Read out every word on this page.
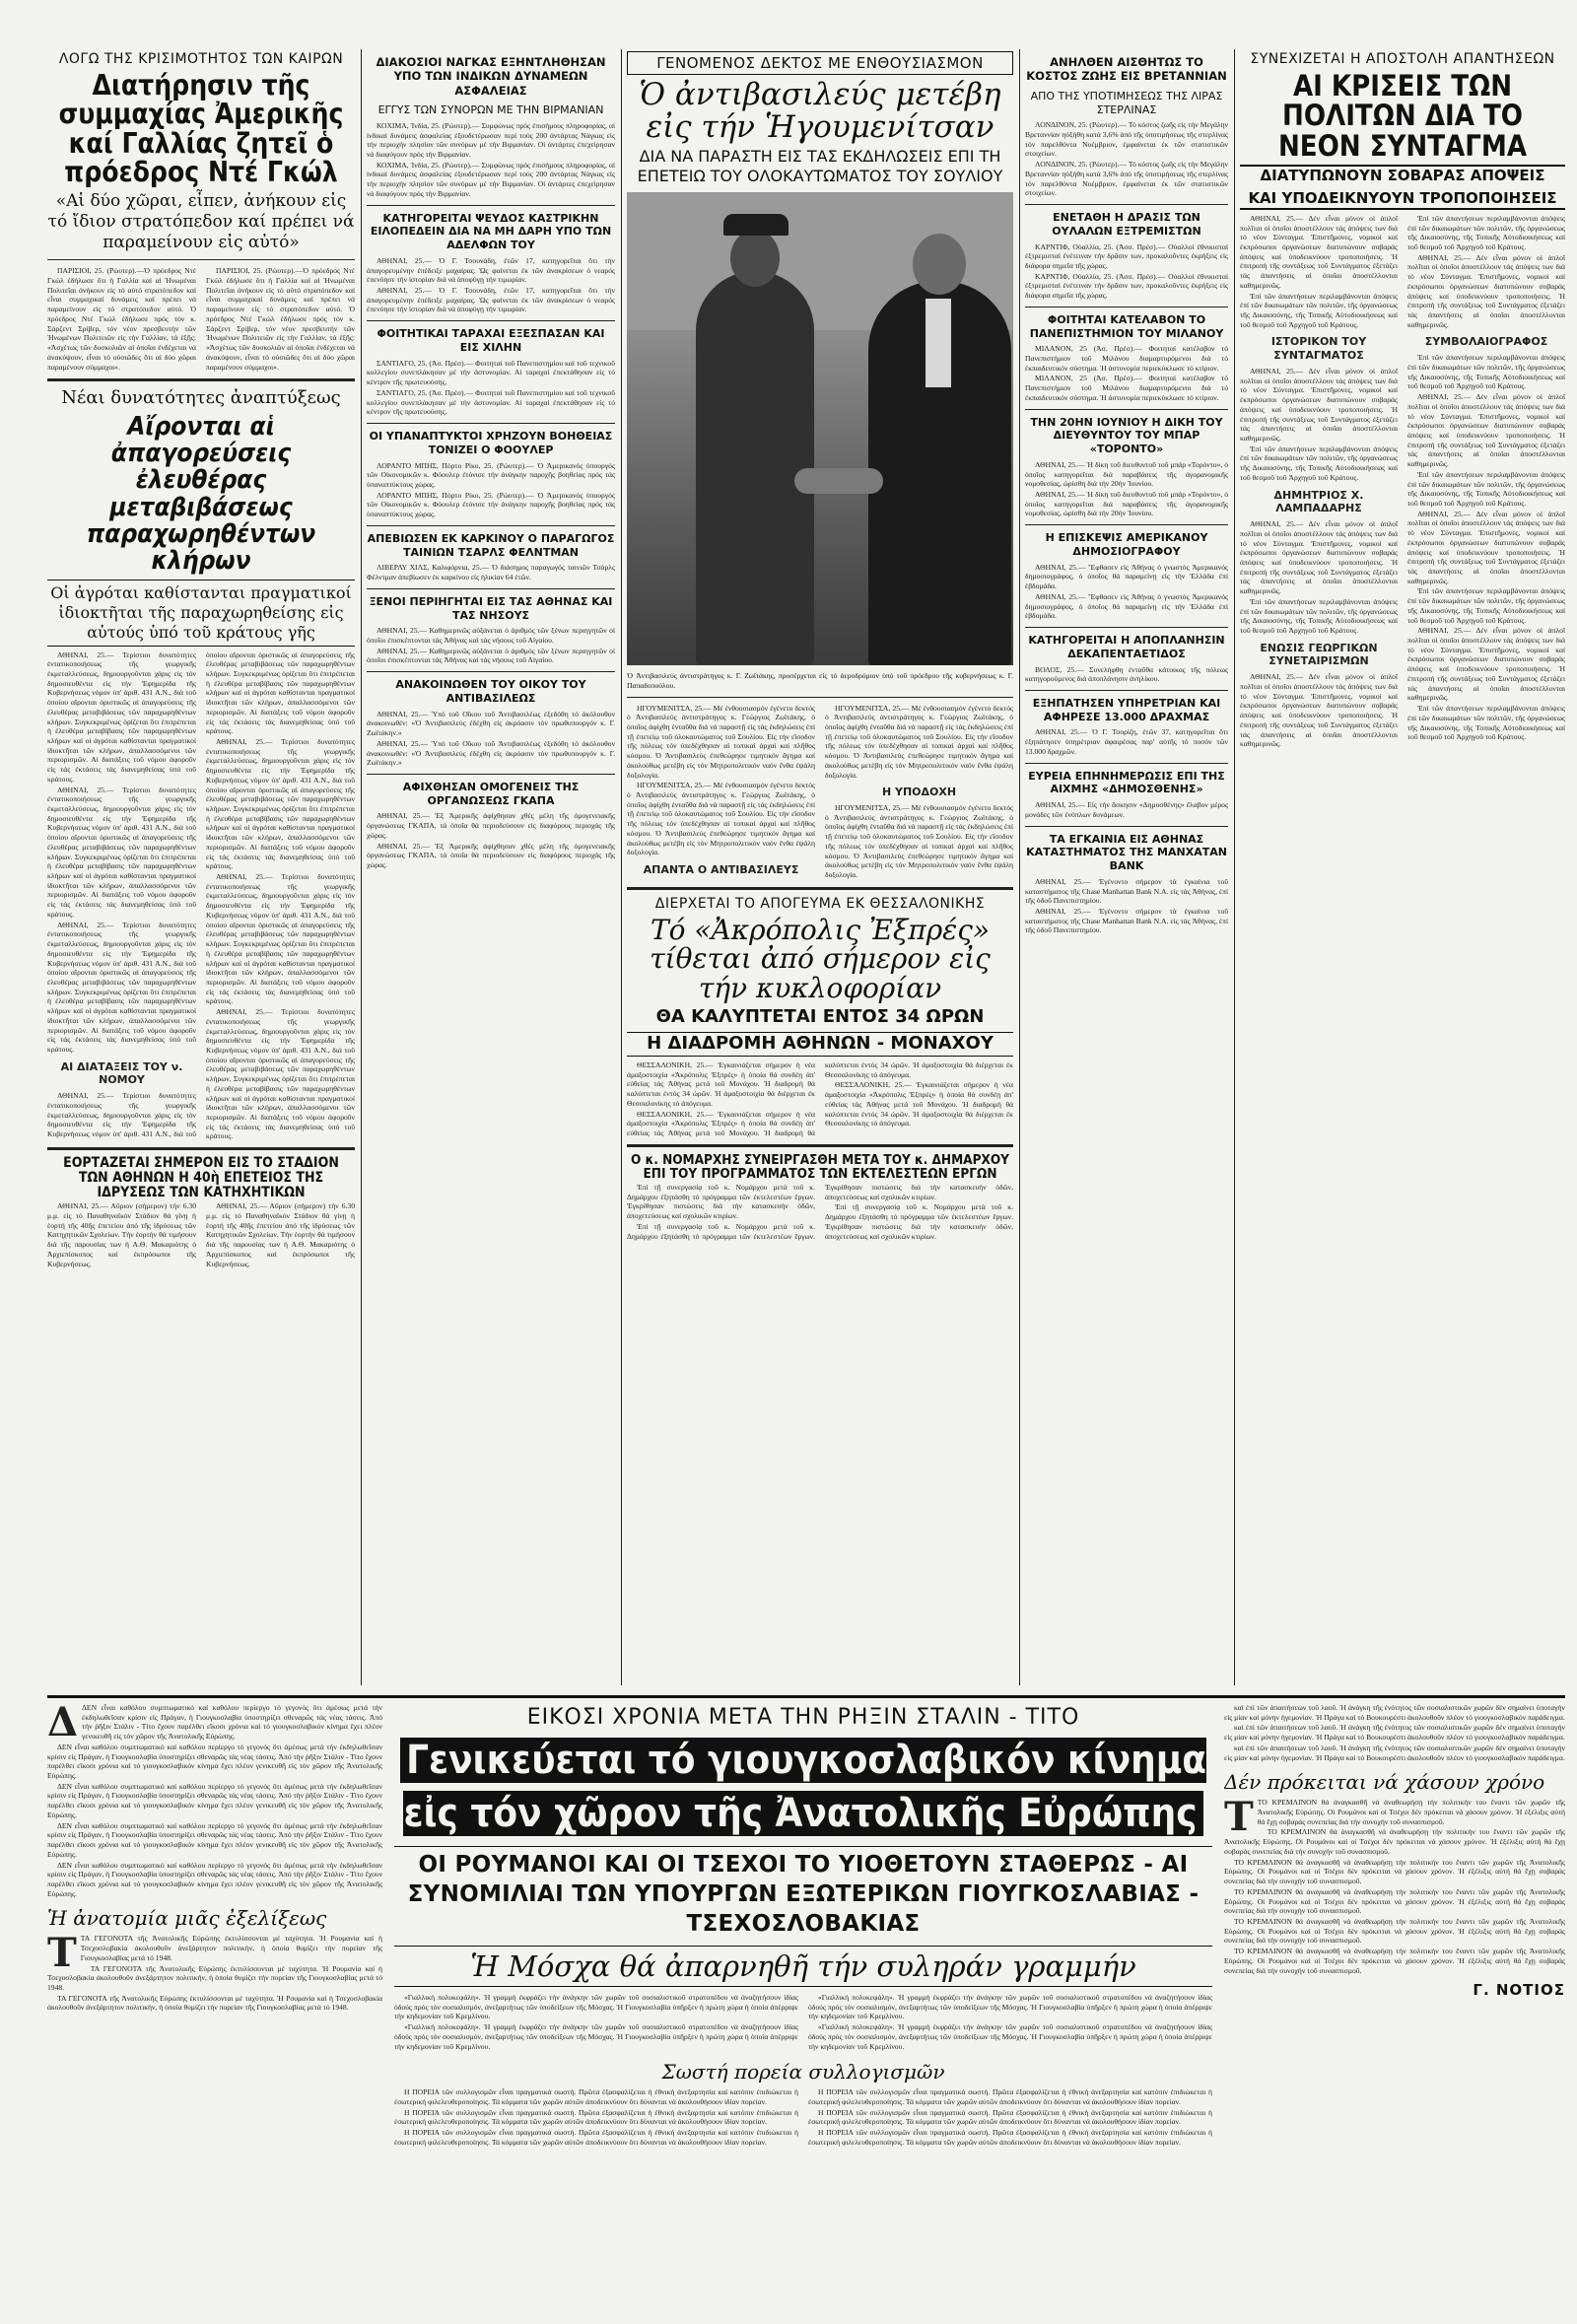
ΛΟΓΩ ΤΗΣ ΚΡΙΣΙΜΟΤΗΤΟΣ ΤΩΝ ΚΑΙΡΩΝ
Διατήρησιν τῆς συμμαχίας Ἀμερικῆς καί Γαλλίας ζητεῖ ὁ πρόεδρος Ντέ Γκώλ
«Αἱ δύο χῶραι, εἶπεν, ἀνήκουν εἰς τό ἴδιον στρατόπεδον καί πρέπει νά παραμείνουν εἰς αὐτό»

ΠΑΡΙΣΙΟΙ, 25. (Ρώυτερ).—Ὁ πρόεδρος Ντέ Γκώλ ἐδήλωσε ὅτι ἡ Γαλλία καί αἱ Ἡνωμέναι Πολιτεῖαι ἀνήκουν εἰς τό αὐτό στρατόπεδον καί εἶναι συμμαχικαί δυνάμεις καί πρέπει νά παραμείνουν εἰς τό στρατόπεδον αὐτό. Ὁ πρόεδρος Ντέ Γκώλ ἐδήλωσε πρός τόν κ. Σάρζεντ Σρίβερ, τόν νέον πρεσβευτήν τῶν Ἡνωμένων Πολιτειῶν εἰς τήν Γαλλίαν, τά ἑξῆς: «Ἀσχέτως τῶν δυσκολιῶν αἱ ὁποῖαι ἐνδέχεται νά ἀνακύψουν, εἶναι τό οὐσιῶδες ὅτι αἱ δύο χῶραι παραμένουν σύμμαχοι».

ΠΑΡΙΣΙΟΙ, 25. (Ρώυτερ).—Ὁ πρόεδρος Ντέ Γκώλ ἐδήλωσε ὅτι ἡ Γαλλία καί αἱ Ἡνωμέναι Πολιτεῖαι ἀνήκουν εἰς τό αὐτό στρατόπεδον καί εἶναι συμμαχικαί δυνάμεις καί πρέπει νά παραμείνουν εἰς τό στρατόπεδον αὐτό. Ὁ πρόεδρος Ντέ Γκώλ ἐδήλωσε πρός τόν κ. Σάρζεντ Σρίβερ, τόν νέον πρεσβευτήν τῶν Ἡνωμένων Πολιτειῶν εἰς τήν Γαλλίαν, τά ἑξῆς: «Ἀσχέτως τῶν δυσκολιῶν αἱ ὁποῖαι ἐνδέχεται νά ἀνακύψουν, εἶναι τό οὐσιῶδες ὅτι αἱ δύο χῶραι παραμένουν σύμμαχοι».

Νέαι δυνατότητες ἀναπτύξεως
Αἴρονται αἱ ἀπαγορεύσεις ἐλευθέρας μεταβιβάσεως παραχωρηθέντων κλήρων
Οἱ ἀγρόται καθίστανται πραγματικοί ἰδιοκτῆται τῆς παραχωρηθείσης εἰς αὐτούς ὑπό τοῦ κράτους γῆς

ΑΘΗΝΑΙ, 25.— Τερίστιοι δυνατότητες ἐντατικοποιήσεως τῆς γεωργικῆς ἐκμεταλλεύσεως, δημιουργοῦνται χάρις εἰς τόν δημοσιευθέντα εἰς τήν Ἐφημερίδα τῆς Κυβερνήσεως νόμον ὑπ' ἀριθ. 431 Α.Ν., διά τοῦ ὁποίου αἴρονται ὁριστικῶς αἱ ἀπαγορεύσεις τῆς ἐλευθέρας μεταβιβάσεως τῶν παραχωρηθέντων κλήρων. Συγκεκριμένως ὁρίζεται ὅτι ἐπιτρέπεται ἡ ἐλευθέρα μεταβίβασις τῶν παραχωρηθέντων κλήρων καί οἱ ἀγρόται καθίστανται πραγματικοί ἰδιοκτῆται τῶν κλήρων, ἀπαλλασσόμενοι τῶν περιορισμῶν. Αἱ διατάξεις τοῦ νόμου ἀφοροῦν εἰς τάς ἐκτάσεις τάς διανεμηθείσας ὑπό τοῦ κράτους.

ΑΘΗΝΑΙ, 25.— Τερίστιοι δυνατότητες ἐντατικοποιήσεως τῆς γεωργικῆς ἐκμεταλλεύσεως, δημιουργοῦνται χάρις εἰς τόν δημοσιευθέντα εἰς τήν Ἐφημερίδα τῆς Κυβερνήσεως νόμον ὑπ' ἀριθ. 431 Α.Ν., διά τοῦ ὁποίου αἴρονται ὁριστικῶς αἱ ἀπαγορεύσεις τῆς ἐλευθέρας μεταβιβάσεως τῶν παραχωρηθέντων κλήρων. Συγκεκριμένως ὁρίζεται ὅτι ἐπιτρέπεται ἡ ἐλευθέρα μεταβίβασις τῶν παραχωρηθέντων κλήρων καί οἱ ἀγρόται καθίστανται πραγματικοί ἰδιοκτῆται τῶν κλήρων, ἀπαλλασσόμενοι τῶν περιορισμῶν. Αἱ διατάξεις τοῦ νόμου ἀφοροῦν εἰς τάς ἐκτάσεις τάς διανεμηθείσας ὑπό τοῦ κράτους.

ΑΘΗΝΑΙ, 25.— Τερίστιοι δυνατότητες ἐντατικοποιήσεως τῆς γεωργικῆς ἐκμεταλλεύσεως, δημιουργοῦνται χάρις εἰς τόν δημοσιευθέντα εἰς τήν Ἐφημερίδα τῆς Κυβερνήσεως νόμον ὑπ' ἀριθ. 431 Α.Ν., διά τοῦ ὁποίου αἴρονται ὁριστικῶς αἱ ἀπαγορεύσεις τῆς ἐλευθέρας μεταβιβάσεως τῶν παραχωρηθέντων κλήρων. Συγκεκριμένως ὁρίζεται ὅτι ἐπιτρέπεται ἡ ἐλευθέρα μεταβίβασις τῶν παραχωρηθέντων κλήρων καί οἱ ἀγρόται καθίστανται πραγματικοί ἰδιοκτῆται τῶν κλήρων, ἀπαλλασσόμενοι τῶν περιορισμῶν. Αἱ διατάξεις τοῦ νόμου ἀφοροῦν εἰς τάς ἐκτάσεις τάς διανεμηθείσας ὑπό τοῦ κράτους.

ΑΙ ΔΙΑΤΑΞΕΙΣ ΤΟΥ ν. ΝΟΜΟΥ

ΑΘΗΝΑΙ, 25.— Τερίστιοι δυνατότητες ἐντατικοποιήσεως τῆς γεωργικῆς ἐκμεταλλεύσεως, δημιουργοῦνται χάρις εἰς τόν δημοσιευθέντα εἰς τήν Ἐφημερίδα τῆς Κυβερνήσεως νόμον ὑπ' ἀριθ. 431 Α.Ν., διά τοῦ ὁποίου αἴρονται ὁριστικῶς αἱ ἀπαγορεύσεις τῆς ἐλευθέρας μεταβιβάσεως τῶν παραχωρηθέντων κλήρων. Συγκεκριμένως ὁρίζεται ὅτι ἐπιτρέπεται ἡ ἐλευθέρα μεταβίβασις τῶν παραχωρηθέντων κλήρων καί οἱ ἀγρόται καθίστανται πραγματικοί ἰδιοκτῆται τῶν κλήρων, ἀπαλλασσόμενοι τῶν περιορισμῶν. Αἱ διατάξεις τοῦ νόμου ἀφοροῦν εἰς τάς ἐκτάσεις τάς διανεμηθείσας ὑπό τοῦ κράτους.

ΑΘΗΝΑΙ, 25.— Τερίστιοι δυνατότητες ἐντατικοποιήσεως τῆς γεωργικῆς ἐκμεταλλεύσεως, δημιουργοῦνται χάρις εἰς τόν δημοσιευθέντα εἰς τήν Ἐφημερίδα τῆς Κυβερνήσεως νόμον ὑπ' ἀριθ. 431 Α.Ν., διά τοῦ ὁποίου αἴρονται ὁριστικῶς αἱ ἀπαγορεύσεις τῆς ἐλευθέρας μεταβιβάσεως τῶν παραχωρηθέντων κλήρων. Συγκεκριμένως ὁρίζεται ὅτι ἐπιτρέπεται ἡ ἐλευθέρα μεταβίβασις τῶν παραχωρηθέντων κλήρων καί οἱ ἀγρόται καθίστανται πραγματικοί ἰδιοκτῆται τῶν κλήρων, ἀπαλλασσόμενοι τῶν περιορισμῶν. Αἱ διατάξεις τοῦ νόμου ἀφοροῦν εἰς τάς ἐκτάσεις τάς διανεμηθείσας ὑπό τοῦ κράτους.

ΑΘΗΝΑΙ, 25.— Τερίστιοι δυνατότητες ἐντατικοποιήσεως τῆς γεωργικῆς ἐκμεταλλεύσεως, δημιουργοῦνται χάρις εἰς τόν δημοσιευθέντα εἰς τήν Ἐφημερίδα τῆς Κυβερνήσεως νόμον ὑπ' ἀριθ. 431 Α.Ν., διά τοῦ ὁποίου αἴρονται ὁριστικῶς αἱ ἀπαγορεύσεις τῆς ἐλευθέρας μεταβιβάσεως τῶν παραχωρηθέντων κλήρων. Συγκεκριμένως ὁρίζεται ὅτι ἐπιτρέπεται ἡ ἐλευθέρα μεταβίβασις τῶν παραχωρηθέντων κλήρων καί οἱ ἀγρόται καθίστανται πραγματικοί ἰδιοκτῆται τῶν κλήρων, ἀπαλλασσόμενοι τῶν περιορισμῶν. Αἱ διατάξεις τοῦ νόμου ἀφοροῦν εἰς τάς ἐκτάσεις τάς διανεμηθείσας ὑπό τοῦ κράτους.

ΑΘΗΝΑΙ, 25.— Τερίστιοι δυνατότητες ἐντατικοποιήσεως τῆς γεωργικῆς ἐκμεταλλεύσεως, δημιουργοῦνται χάρις εἰς τόν δημοσιευθέντα εἰς τήν Ἐφημερίδα τῆς Κυβερνήσεως νόμον ὑπ' ἀριθ. 431 Α.Ν., διά τοῦ ὁποίου αἴρονται ὁριστικῶς αἱ ἀπαγορεύσεις τῆς ἐλευθέρας μεταβιβάσεως τῶν παραχωρηθέντων κλήρων. Συγκεκριμένως ὁρίζεται ὅτι ἐπιτρέπεται ἡ ἐλευθέρα μεταβίβασις τῶν παραχωρηθέντων κλήρων καί οἱ ἀγρόται καθίστανται πραγματικοί ἰδιοκτῆται τῶν κλήρων, ἀπαλλασσόμενοι τῶν περιορισμῶν. Αἱ διατάξεις τοῦ νόμου ἀφοροῦν εἰς τάς ἐκτάσεις τάς διανεμηθείσας ὑπό τοῦ κράτους.

ΕΟΡΤΑΖΕΤΑΙ ΣΗΜΕΡΟΝ ΕΙΣ ΤΟ ΣΤΑΔΙΟΝ ΤΩΝ ΑΘΗΝΩΝ Η 40ὴ ΕΠΕΤΕΙΟΣ ΤΗΣ ΙΔΡΥΣΕΩΣ ΤΩΝ ΚΑΤΗΧΗΤΙΚΩΝ

ΑΘΗΝΑΙ, 25.— Αὔριον (σήμερον) τήν 6.30 μ.μ. εἰς τό Παναθηναϊκόν Στάδιον θά γίνῃ ἡ ἑορτή τῆς 40ῆς ἐπετείου ἀπό τῆς ἱδρύσεως τῶν Κατηχητικῶν Σχολείων. Τήν ἑορτήν θά τιμήσουν διά τῆς παρουσίας των ἡ Α.Θ. Μακαριότης ὁ Ἀρχιεπίσκοπος καί ἐκπρόσωποι τῆς Κυβερνήσεως.

ΑΘΗΝΑΙ, 25.— Αὔριον (σήμερον) τήν 6.30 μ.μ. εἰς τό Παναθηναϊκόν Στάδιον θά γίνῃ ἡ ἑορτή τῆς 40ῆς ἐπετείου ἀπό τῆς ἱδρύσεως τῶν Κατηχητικῶν Σχολείων. Τήν ἑορτήν θά τιμήσουν διά τῆς παρουσίας των ἡ Α.Θ. Μακαριότης ὁ Ἀρχιεπίσκοπος καί ἐκπρόσωποι τῆς Κυβερνήσεως.

ΔΙΑΚΟΣΙΟΙ ΝΑΓΚΑΣ ΕΞΗΝΤΛΗΘΗΣΑΝ ΥΠΟ ΤΩΝ ΙΝΔΙΚΩΝ ΔΥΝΑΜΕΩΝ ΑΣΦΑΛΕΙΑΣ
ΕΓΓΥΣ ΤΩΝ ΣΥΝΟΡΩΝ ΜΕ ΤΗΝ ΒΙΡΜΑΝΙΑΝ

ΚΟΧΙΜΑ, Ἰνδία, 25. (Ρώυτερ).— Συμφώνως πρός ἐπισήμους πληροφορίας, αἱ ἰνδικαί δυνάμεις ἀσφαλείας ἐξουδετέρωσαν περί τούς 200 ἀντάρτας Νάγκας εἰς τήν περιοχήν πλησίον τῶν συνόρων μέ τήν Βιρμανίαν. Οἱ ἀντάρτες ἐπεχείρησαν νά διαφύγουν πρός τήν Βιρμανίαν.

ΚΟΧΙΜΑ, Ἰνδία, 25. (Ρώυτερ).— Συμφώνως πρός ἐπισήμους πληροφορίας, αἱ ἰνδικαί δυνάμεις ἀσφαλείας ἐξουδετέρωσαν περί τούς 200 ἀντάρτας Νάγκας εἰς τήν περιοχήν πλησίον τῶν συνόρων μέ τήν Βιρμανίαν. Οἱ ἀντάρτες ἐπεχείρησαν νά διαφύγουν πρός τήν Βιρμανίαν.

ΚΑΤΗΓΟΡΕΙΤΑΙ ΨΕΥΔΟΣ ΚΑΣΤΡΙΚΗΝ ΕΙΛΟΠΕΔΕΙΝ ΔΙΑ ΝΑ ΜΗ ΔΑΡΗ ΥΠΟ ΤΩΝ ΑΔΕΛΦΩΝ ΤΟΥ

ΑΘΗΝΑΙ, 25.— Ὁ Γ. Τσουνάδη, ἐτῶν 17, κατηγορεῖται ὅτι τήν ἀπαγορευμένην ἐπέδειξε μαχαίρας. Ὡς φαίνεται ἐκ τῶν ἀνακρίσεων ὁ νεαρός ἐπενόησε τήν ἱστορίαν διά νά ἀποφύγῃ τήν τιμωρίαν.

ΑΘΗΝΑΙ, 25.— Ὁ Γ. Τσουνάδη, ἐτῶν 17, κατηγορεῖται ὅτι τήν ἀπαγορευμένην ἐπέδειξε μαχαίρας. Ὡς φαίνεται ἐκ τῶν ἀνακρίσεων ὁ νεαρός ἐπενόησε τήν ἱστορίαν διά νά ἀποφύγῃ τήν τιμωρίαν.

ΦΟΙΤΗΤΙΚΑΙ ΤΑΡΑΧΑΙ ΕΞΕΣΠΑΣΑΝ ΚΑΙ ΕΙΣ ΧΙΛΗΝ

ΣΑΝΤΙΑΓΟ, 25. (Ἀσ. Πρέσ).— Φοιτηταί τοῦ Πανεπιστημίου καί τοῦ τεχνικοῦ κολλεγίου συνεπλάκησαν μέ τήν ἀστυνομίαν. Αἱ ταραχαί ἐπεκτάθησαν εἰς τό κέντρον τῆς πρωτευούσης.

ΣΑΝΤΙΑΓΟ, 25. (Ἀσ. Πρέσ).— Φοιτηταί τοῦ Πανεπιστημίου καί τοῦ τεχνικοῦ κολλεγίου συνεπλάκησαν μέ τήν ἀστυνομίαν. Αἱ ταραχαί ἐπεκτάθησαν εἰς τό κέντρον τῆς πρωτευούσης.

ΟΙ ΥΠΑΝΑΠΤΥΚΤΟΙ ΧΡΗΖΟΥΝ ΒΟΗΘΕΙΑΣ ΤΟΝΙΖΕΙ Ο ΦΟΟΥΛΕΡ

ΛΟΡΑΝΤΟ ΜΠΗΣ, Πόρτο Ρίκο, 25. (Ρώυτερ).— Ὁ Ἀμερικανός ὑπουργός τῶν Οἰκονομικῶν κ. Φόουλερ ἐτόνισε τήν ἀνάγκην παροχῆς βοηθείας πρός τάς ὑπαναπτύκτους χώρας.

ΛΟΡΑΝΤΟ ΜΠΗΣ, Πόρτο Ρίκο, 25. (Ρώυτερ).— Ὁ Ἀμερικανός ὑπουργός τῶν Οἰκονομικῶν κ. Φόουλερ ἐτόνισε τήν ἀνάγκην παροχῆς βοηθείας πρός τάς ὑπαναπτύκτους χώρας.

ΑΠΕΒΙΩΣΕΝ ΕΚ ΚΑΡΚΙΝΟΥ Ο ΠΑΡΑΓΩΓΟΣ ΤΑΙΝΙΩΝ ΤΣΑΡΛΣ ΦΕΛΝΤΜΑΝ

ΛΙΒΕΡΛΥ ΧΙΛΣ, Καλιφόρνια, 25.— Ὁ διάσημος παραγωγός ταινιῶν Τσάρλς Φέλντμαν ἀπεβίωσεν ἐκ καρκίνου εἰς ἡλικίαν 64 ἐτῶν.

ΞΕΝΟΙ ΠΕΡΙΗΓΗΤΑΙ ΕΙΣ ΤΑΣ ΑΘΗΝΑΣ ΚΑΙ ΤΑΣ ΝΗΣΟΥΣ

ΑΘΗΝΑΙ, 25.— Καθημερινῶς αὐξάνεται ὁ ἀριθμός τῶν ξένων περιηγητῶν οἱ ὁποῖοι ἐπισκέπτονται τάς Ἀθήνας καί τάς νήσους τοῦ Αἰγαίου.

ΑΘΗΝΑΙ, 25.— Καθημερινῶς αὐξάνεται ὁ ἀριθμός τῶν ξένων περιηγητῶν οἱ ὁποῖοι ἐπισκέπτονται τάς Ἀθήνας καί τάς νήσους τοῦ Αἰγαίου.

ΑΝΑΚΟΙΝΩΘΕΝ ΤΟΥ ΟΙΚΟΥ ΤΟΥ ΑΝΤΙΒΑΣΙΛΕΩΣ

ΑΘΗΝΑΙ, 25.— Ὑπό τοῦ Οἴκου τοῦ Ἀντιβασιλέως ἐξεδόθη τό ἀκόλουθον ἀνακοινωθέν: «Ὁ Ἀντιβασιλεύς ἐδέχθη εἰς ἀκρόασιν τόν πρωθυπουργόν κ. Γ. Ζωϊτάκην.»

ΑΘΗΝΑΙ, 25.— Ὑπό τοῦ Οἴκου τοῦ Ἀντιβασιλέως ἐξεδόθη τό ἀκόλουθον ἀνακοινωθέν: «Ὁ Ἀντιβασιλεύς ἐδέχθη εἰς ἀκρόασιν τόν πρωθυπουργόν κ. Γ. Ζωϊτάκην.»

ΑΦΙΧΘΗΣΑΝ ΟΜΟΓΕΝΕΙΣ ΤΗΣ ΟΡΓΑΝΩΣΕΩΣ ΓΚΑΠΑ

ΑΘΗΝΑΙ, 25.— Ἐξ Ἀμερικῆς ἀφίχθησαν χθές μέλη τῆς ὁμογενειακῆς ὀργανώσεως ΓΚΑΠΑ, τά ὁποῖα θά περιοδεύσουν εἰς διαφόρους περιοχάς τῆς χώρας.

ΑΘΗΝΑΙ, 25.— Ἐξ Ἀμερικῆς ἀφίχθησαν χθές μέλη τῆς ὁμογενειακῆς ὀργανώσεως ΓΚΑΠΑ, τά ὁποῖα θά περιοδεύσουν εἰς διαφόρους περιοχάς τῆς χώρας.

ΓΕΝΟΜΕΝΟΣ ΔΕΚΤΟΣ ΜΕ ΕΝΘΟΥΣΙΑΣΜΟΝ
Ὁ ἀντιβασιλεύς μετέβη εἰς τήν Ἡγουμενίτσαν
ΔΙΑ ΝΑ ΠΑΡΑΣΤΗ ΕΙΣ ΤΑΣ ΕΚΔΗΛΩΣΕΙΣ ΕΠΙ ΤΗ ΕΠΕΤΕΙΩ ΤΟΥ ΟΛΟΚΑΥΤΩΜΑΤΟΣ ΤΟΥ ΣΟΥΛΙΟΥ
Ὁ Ἀντιβασιλεύς ἀντιστράτηγος κ. Γ. Ζωϊτάκης, προσέρχεται εἰς τό ἀεροδρόμιον ὑπό τοῦ πρόεδρου τῆς κυβερνήσεως κ. Γ. Παπαδοπούλου.

ΗΓΟΥΜΕΝΙΤΣΑ, 25.— Μέ ἐνθουσιασμόν ἐγένετο δεκτός ὁ Ἀντιβασιλεύς ἀντιστράτηγος κ. Γεώργιος Ζωϊτάκης, ὁ ὁποῖος ἀφίχθη ἐνταῦθα διά νά παραστῇ εἰς τάς ἐκδηλώσεις ἐπί τῇ ἐπετείῳ τοῦ ὁλοκαυτώματος τοῦ Σουλίου. Εἰς τήν εἴσοδον τῆς πόλεως τόν ὑπεδέχθησαν αἱ τοπικαί ἀρχαί καί πλῆθος κόσμου. Ὁ Ἀντιβασιλεύς ἐπεθεώρησε τιμητικόν ἄγημα καί ἀκολούθως μετέβη εἰς τόν Μητροπολιτικόν ναόν ἔνθα ἐψάλη δοξολογία.

ΗΓΟΥΜΕΝΙΤΣΑ, 25.— Μέ ἐνθουσιασμόν ἐγένετο δεκτός ὁ Ἀντιβασιλεύς ἀντιστράτηγος κ. Γεώργιος Ζωϊτάκης, ὁ ὁποῖος ἀφίχθη ἐνταῦθα διά νά παραστῇ εἰς τάς ἐκδηλώσεις ἐπί τῇ ἐπετείῳ τοῦ ὁλοκαυτώματος τοῦ Σουλίου. Εἰς τήν εἴσοδον τῆς πόλεως τόν ὑπεδέχθησαν αἱ τοπικαί ἀρχαί καί πλῆθος κόσμου. Ὁ Ἀντιβασιλεύς ἐπεθεώρησε τιμητικόν ἄγημα καί ἀκολούθως μετέβη εἰς τόν Μητροπολιτικόν ναόν ἔνθα ἐψάλη δοξολογία.

ΑΠΑΝΤΑ Ο ΑΝΤΙΒΑΣΙΛΕΥΣ

ΗΓΟΥΜΕΝΙΤΣΑ, 25.— Μέ ἐνθουσιασμόν ἐγένετο δεκτός ὁ Ἀντιβασιλεύς ἀντιστράτηγος κ. Γεώργιος Ζωϊτάκης, ὁ ὁποῖος ἀφίχθη ἐνταῦθα διά νά παραστῇ εἰς τάς ἐκδηλώσεις ἐπί τῇ ἐπετείῳ τοῦ ὁλοκαυτώματος τοῦ Σουλίου. Εἰς τήν εἴσοδον τῆς πόλεως τόν ὑπεδέχθησαν αἱ τοπικαί ἀρχαί καί πλῆθος κόσμου. Ὁ Ἀντιβασιλεύς ἐπεθεώρησε τιμητικόν ἄγημα καί ἀκολούθως μετέβη εἰς τόν Μητροπολιτικόν ναόν ἔνθα ἐψάλη δοξολογία.

Η ΥΠΟΔΟΧΗ

ΗΓΟΥΜΕΝΙΤΣΑ, 25.— Μέ ἐνθουσιασμόν ἐγένετο δεκτός ὁ Ἀντιβασιλεύς ἀντιστράτηγος κ. Γεώργιος Ζωϊτάκης, ὁ ὁποῖος ἀφίχθη ἐνταῦθα διά νά παραστῇ εἰς τάς ἐκδηλώσεις ἐπί τῇ ἐπετείῳ τοῦ ὁλοκαυτώματος τοῦ Σουλίου. Εἰς τήν εἴσοδον τῆς πόλεως τόν ὑπεδέχθησαν αἱ τοπικαί ἀρχαί καί πλῆθος κόσμου. Ὁ Ἀντιβασιλεύς ἐπεθεώρησε τιμητικόν ἄγημα καί ἀκολούθως μετέβη εἰς τόν Μητροπολιτικόν ναόν ἔνθα ἐψάλη δοξολογία.

ΔΙΕΡΧΕΤΑΙ ΤΟ ΑΠΟΓΕΥΜΑ ΕΚ ΘΕΣΣΑΛΟΝΙΚΗΣ
Τό «Ἀκρόπολις Ἐξπρές» τίθεται ἀπό σήμερον εἰς τήν κυκλοφορίαν
ΘΑ ΚΑΛΥΠΤΕΤΑΙ ΕΝΤΟΣ 34 ΩΡΩΝ
Η ΔΙΑΔΡΟΜΗ ΑΘΗΝΩΝ - ΜΟΝΑΧΟΥ

ΘΕΣΣΑΛΟΝΙΚΗ, 25.— Ἐγκαινιάζεται σήμερον ἡ νέα ἀμαξοστοιχία «Ἀκρόπολις Ἐξπρές» ἡ ὁποία θά συνδέῃ ἀπ' εὐθείας τάς Ἀθήνας μετά τοῦ Μονάχου. Ἡ διαδρομή θά καλύπτεται ἐντός 34 ὡρῶν. Ἡ ἀμαξοστοιχία θά διέρχεται ἐκ Θεσσαλονίκης τό ἀπόγευμα.

ΘΕΣΣΑΛΟΝΙΚΗ, 25.— Ἐγκαινιάζεται σήμερον ἡ νέα ἀμαξοστοιχία «Ἀκρόπολις Ἐξπρές» ἡ ὁποία θά συνδέῃ ἀπ' εὐθείας τάς Ἀθήνας μετά τοῦ Μονάχου. Ἡ διαδρομή θά καλύπτεται ἐντός 34 ὡρῶν. Ἡ ἀμαξοστοιχία θά διέρχεται ἐκ Θεσσαλονίκης τό ἀπόγευμα.

ΘΕΣΣΑΛΟΝΙΚΗ, 25.— Ἐγκαινιάζεται σήμερον ἡ νέα ἀμαξοστοιχία «Ἀκρόπολις Ἐξπρές» ἡ ὁποία θά συνδέῃ ἀπ' εὐθείας τάς Ἀθήνας μετά τοῦ Μονάχου. Ἡ διαδρομή θά καλύπτεται ἐντός 34 ὡρῶν. Ἡ ἀμαξοστοιχία θά διέρχεται ἐκ Θεσσαλονίκης τό ἀπόγευμα.

Ο κ. ΝΟΜΑΡΧΗΣ ΣΥΝΕΙΡΓΑΣΘΗ ΜΕΤΑ ΤΟΥ κ. ΔΗΜΑΡΧΟΥ ΕΠΙ ΤΟΥ ΠΡΟΓΡΑΜΜΑΤΟΣ ΤΩΝ ΕΚΤΕΛΕΣΤΕΩΝ ΕΡΓΩΝ

Ἐπί τῇ συνεργασίᾳ τοῦ κ. Νομάρχου μετά τοῦ κ. Δημάρχου ἐξητάσθη τό πρόγραμμα τῶν ἐκτελεστέων ἔργων. Ἐγκρίθησαν πιστώσεις διά τήν κατασκευήν ὁδῶν, ἀποχετεύσεως καί σχολικῶν κτιρίων.

Ἐπί τῇ συνεργασίᾳ τοῦ κ. Νομάρχου μετά τοῦ κ. Δημάρχου ἐξητάσθη τό πρόγραμμα τῶν ἐκτελεστέων ἔργων. Ἐγκρίθησαν πιστώσεις διά τήν κατασκευήν ὁδῶν, ἀποχετεύσεως καί σχολικῶν κτιρίων.

Ἐπί τῇ συνεργασίᾳ τοῦ κ. Νομάρχου μετά τοῦ κ. Δημάρχου ἐξητάσθη τό πρόγραμμα τῶν ἐκτελεστέων ἔργων. Ἐγκρίθησαν πιστώσεις διά τήν κατασκευήν ὁδῶν, ἀποχετεύσεως καί σχολικῶν κτιρίων.

ΑΝΗΛΘΕΝ ΑΙΣΘΗΤΩΣ ΤΟ ΚΟΣΤΟΣ ΖΩΗΣ ΕΙΣ ΒΡΕΤΑΝΝΙΑΝ
ΑΠΟ ΤΗΣ ΥΠΟΤΙΜΗΣΕΩΣ ΤΗΣ ΛΙΡΑΣ ΣΤΕΡΛΙΝΑΣ

ΛΟΝΔΙΝΟΝ, 25. (Ρώυτερ).— Τό κόστος ζωῆς εἰς τήν Μεγάλην Βρεταννίαν ηὐξήθη κατά 3,6% ἀπό τῆς ὑποτιμήσεως τῆς στερλίνας τόν παρελθόντα Νοέμβριον, ἐμφαίνεται ἐκ τῶν στατιστικῶν στοιχείων.

ΛΟΝΔΙΝΟΝ, 25. (Ρώυτερ).— Τό κόστος ζωῆς εἰς τήν Μεγάλην Βρεταννίαν ηὐξήθη κατά 3,6% ἀπό τῆς ὑποτιμήσεως τῆς στερλίνας τόν παρελθόντα Νοέμβριον, ἐμφαίνεται ἐκ τῶν στατιστικῶν στοιχείων.

ΕΝΕΤΑΘΗ Η ΔΡΑΣΙΣ ΤΩΝ ΟΥΛΑΛΩΝ ΕΞΤΡΕΜΙΣΤΩΝ

ΚΑΡΝΤΙΦ, Οὐαλλία, 25. (Ἀσσ. Πρέσ).— Οὐαλλοί ἐθνικισταί ἐξτρεμισταί ἐνέτειναν τήν δρᾶσιν των, προκαλοῦντες ἐκρήξεις εἰς διάφορα σημεῖα τῆς χώρας.

ΚΑΡΝΤΙΦ, Οὐαλλία, 25. (Ἀσσ. Πρέσ).— Οὐαλλοί ἐθνικισταί ἐξτρεμισταί ἐνέτειναν τήν δρᾶσιν των, προκαλοῦντες ἐκρήξεις εἰς διάφορα σημεῖα τῆς χώρας.

ΦΟΙΤΗΤΑΙ ΚΑΤΕΛΑΒΟΝ ΤΟ ΠΑΝΕΠΙΣΤΗΜΙΟΝ ΤΟΥ ΜΙΛΑΝΟΥ

ΜΙΛΑΝΟΝ, 25 (Ἀσ. Πρέσ).— Φοιτηταί κατέλαβον τό Πανεπιστήμιον τοῦ Μιλάνου διαμαρτυρόμενοι διά τό ἐκπαιδευτικόν σύστημα. Ἡ ἀστυνομία περιεκύκλωσε τό κτίριον.

ΜΙΛΑΝΟΝ, 25 (Ἀσ. Πρέσ).— Φοιτηταί κατέλαβον τό Πανεπιστήμιον τοῦ Μιλάνου διαμαρτυρόμενοι διά τό ἐκπαιδευτικόν σύστημα. Ἡ ἀστυνομία περιεκύκλωσε τό κτίριον.

ΤΗΝ 20ΗΝ ΙΟΥΝΙΟΥ Η ΔΙΚΗ ΤΟΥ ΔΙΕΥΘΥΝΤΟΥ ΤΟΥ ΜΠΑΡ «ΤΟΡΟΝΤΟ»

ΑΘΗΝΑΙ, 25.— Ἡ δίκη τοῦ διευθυντοῦ τοῦ μπάρ «Τορόντο», ὁ ὁποῖος κατηγορεῖται διά παραβάσεις τῆς ἀγορανομικῆς νομοθεσίας, ὡρίσθη διά τήν 20ήν Ἰουνίου.

ΑΘΗΝΑΙ, 25.— Ἡ δίκη τοῦ διευθυντοῦ τοῦ μπάρ «Τορόντο», ὁ ὁποῖος κατηγορεῖται διά παραβάσεις τῆς ἀγορανομικῆς νομοθεσίας, ὡρίσθη διά τήν 20ήν Ἰουνίου.

Η ΕΠΙΣΚΕΨΙΣ ΑΜΕΡΙΚΑΝΟΥ ΔΗΜΟΣΙΟΓΡΑΦΟΥ

ΑΘΗΝΑΙ, 25.— Ἔφθασεν εἰς Ἀθήνας ὁ γνωστός Ἀμερικανός δημοσιογράφος, ὁ ὁποῖος θά παραμείνῃ εἰς τήν Ἑλλάδα ἐπί ἑβδομάδα.

ΑΘΗΝΑΙ, 25.— Ἔφθασεν εἰς Ἀθήνας ὁ γνωστός Ἀμερικανός δημοσιογράφος, ὁ ὁποῖος θά παραμείνῃ εἰς τήν Ἑλλάδα ἐπί ἑβδομάδα.

ΚΑΤΗΓΟΡΕΙΤΑΙ Η ΑΠΟΠΛΑΝΗΣΙΝ ΔΕΚΑΠΕΝΤΑΕΤΙΔΟΣ

ΒΟΛΟΣ, 25.— Συνελήφθη ἐνταῦθα κάτοικος τῆς πόλεως κατηγορούμενος διά ἀποπλάνησιν ἀνηλίκου.

ΕΞΗΠΑΤΗΣΕΝ ΥΠΗΡΕΤΡΙΑΝ ΚΑΙ ΑΦΗΡΕΣΕ 13.000 ΔΡΑΧΜΑΣ

ΑΘΗΝΑΙ, 25.— Ὁ Γ. Τσορίζη, ἐτῶν 37, κατηγορεῖται ὅτι ἐξηπάτησεν ὑπηρέτριαν ἀφαιρέσας παρ' αὐτῆς τό ποσόν τῶν 13.000 δραχμῶν.

ΕΥΡΕΙΑ ΕΠΗΝΗΜΕΡΩΣΙΣ ΕΠΙ ΤΗΣ ΑΙΧΜΗΣ «ΔΗΜΟΣΘΕΝΗΣ»

ΑΘΗΝΑΙ, 25.— Εἰς τήν ἄσκησιν «Δημοσθένης» ἔλαβον μέρος μονάδες τῶν ἐνόπλων δυνάμεων.

ΤΑ ΕΓΚΑΙΝΙΑ ΕΙΣ ΑΘΗΝΑΣ ΚΑΤΑΣΤΗΜΑΤΟΣ ΤΗΣ ΜΑΝΧΑΤΑΝ ΒΑΝΚ

ΑΘΗΝΑΙ, 25.— Ἐγένοντο σήμερον τά ἐγκαίνια τοῦ καταστήματος τῆς Chase Manhattan Bank N.A. εἰς τάς Ἀθήνας, ἐπί τῆς ὁδοῦ Πανεπιστημίου.

ΑΘΗΝΑΙ, 25.— Ἐγένοντο σήμερον τά ἐγκαίνια τοῦ καταστήματος τῆς Chase Manhattan Bank N.A. εἰς τάς Ἀθήνας, ἐπί τῆς ὁδοῦ Πανεπιστημίου.

ΣΥΝΕΧΙΖΕΤΑΙ Η ΑΠΟΣΤΟΛΗ ΑΠΑΝΤΗΣΕΩΝ
ΑΙ ΚΡΙΣΕΙΣ ΤΩΝ ΠΟΛΙΤΩΝ ΔΙΑ ΤΟ ΝΕΟΝ ΣΥΝΤΑΓΜΑ
ΔΙΑΤΥΠΩΝΟΥΝ ΣΟΒΑΡΑΣ ΑΠΟΨΕΙΣ
ΚΑΙ ΥΠΟΔΕΙΚΝΥΟΥΝ ΤΡΟΠΟΠΟΙΗΣΕΙΣ

ΑΘΗΝΑΙ, 25.— Δέν εἶναι μόνον οἱ ἁπλοῖ πολῖται οἱ ὁποῖοι ἀποστέλλουν τάς ἀπόψεις των διά τό νέον Σύνταγμα. Ἐπιστῆμονες, νομικοί καί ἐκπρόσωποι ὀργανώσεων διατυπώνουν σοβαράς ἀπόψεις καί ὑποδεικνύουν τροποποιήσεις. Ἡ ἐπιτροπή τῆς συντάξεως τοῦ Συντάγματος ἐξετάζει τάς ἀπαντήσεις αἱ ὁποῖαι ἀποστέλλονται καθημερινῶς.

Ἐπί τῶν ἀπαντήσεων περιλαμβάνονται ἀπόψεις ἐπί τῶν δικαιωμάτων τῶν πολιτῶν, τῆς ὀργανώσεως τῆς Δικαιοσύνης, τῆς Τοπικῆς Αὐτοδιοικήσεως καί τοῦ θεσμοῦ τοῦ Ἀρχηγοῦ τοῦ Κράτους.

ΙΣΤΟΡΙΚΟΝ ΤΟΥ ΣΥΝΤΑΓΜΑΤΟΣ

ΑΘΗΝΑΙ, 25.— Δέν εἶναι μόνον οἱ ἁπλοῖ πολῖται οἱ ὁποῖοι ἀποστέλλουν τάς ἀπόψεις των διά τό νέον Σύνταγμα. Ἐπιστῆμονες, νομικοί καί ἐκπρόσωποι ὀργανώσεων διατυπώνουν σοβαράς ἀπόψεις καί ὑποδεικνύουν τροποποιήσεις. Ἡ ἐπιτροπή τῆς συντάξεως τοῦ Συντάγματος ἐξετάζει τάς ἀπαντήσεις αἱ ὁποῖαι ἀποστέλλονται καθημερινῶς.

Ἐπί τῶν ἀπαντήσεων περιλαμβάνονται ἀπόψεις ἐπί τῶν δικαιωμάτων τῶν πολιτῶν, τῆς ὀργανώσεως τῆς Δικαιοσύνης, τῆς Τοπικῆς Αὐτοδιοικήσεως καί τοῦ θεσμοῦ τοῦ Ἀρχηγοῦ τοῦ Κράτους.

ΔΗΜΗΤΡΙΟΣ Χ. ΛΑΜΠΑΔΑΡΗΣ

ΑΘΗΝΑΙ, 25.— Δέν εἶναι μόνον οἱ ἁπλοῖ πολῖται οἱ ὁποῖοι ἀποστέλλουν τάς ἀπόψεις των διά τό νέον Σύνταγμα. Ἐπιστῆμονες, νομικοί καί ἐκπρόσωποι ὀργανώσεων διατυπώνουν σοβαράς ἀπόψεις καί ὑποδεικνύουν τροποποιήσεις. Ἡ ἐπιτροπή τῆς συντάξεως τοῦ Συντάγματος ἐξετάζει τάς ἀπαντήσεις αἱ ὁποῖαι ἀποστέλλονται καθημερινῶς.

Ἐπί τῶν ἀπαντήσεων περιλαμβάνονται ἀπόψεις ἐπί τῶν δικαιωμάτων τῶν πολιτῶν, τῆς ὀργανώσεως τῆς Δικαιοσύνης, τῆς Τοπικῆς Αὐτοδιοικήσεως καί τοῦ θεσμοῦ τοῦ Ἀρχηγοῦ τοῦ Κράτους.

ΕΝΩΣΙΣ ΓΕΩΡΓΙΚΩΝ ΣΥΝΕΤΑΙΡΙΣΜΩΝ

ΑΘΗΝΑΙ, 25.— Δέν εἶναι μόνον οἱ ἁπλοῖ πολῖται οἱ ὁποῖοι ἀποστέλλουν τάς ἀπόψεις των διά τό νέον Σύνταγμα. Ἐπιστῆμονες, νομικοί καί ἐκπρόσωποι ὀργανώσεων διατυπώνουν σοβαράς ἀπόψεις καί ὑποδεικνύουν τροποποιήσεις. Ἡ ἐπιτροπή τῆς συντάξεως τοῦ Συντάγματος ἐξετάζει τάς ἀπαντήσεις αἱ ὁποῖαι ἀποστέλλονται καθημερινῶς.

Ἐπί τῶν ἀπαντήσεων περιλαμβάνονται ἀπόψεις ἐπί τῶν δικαιωμάτων τῶν πολιτῶν, τῆς ὀργανώσεως τῆς Δικαιοσύνης, τῆς Τοπικῆς Αὐτοδιοικήσεως καί τοῦ θεσμοῦ τοῦ Ἀρχηγοῦ τοῦ Κράτους.

ΑΘΗΝΑΙ, 25.— Δέν εἶναι μόνον οἱ ἁπλοῖ πολῖται οἱ ὁποῖοι ἀποστέλλουν τάς ἀπόψεις των διά τό νέον Σύνταγμα. Ἐπιστῆμονες, νομικοί καί ἐκπρόσωποι ὀργανώσεων διατυπώνουν σοβαράς ἀπόψεις καί ὑποδεικνύουν τροποποιήσεις. Ἡ ἐπιτροπή τῆς συντάξεως τοῦ Συντάγματος ἐξετάζει τάς ἀπαντήσεις αἱ ὁποῖαι ἀποστέλλονται καθημερινῶς.

ΣΥΜΒΟΛΑΙΟΓΡΑΦΟΣ

Ἐπί τῶν ἀπαντήσεων περιλαμβάνονται ἀπόψεις ἐπί τῶν δικαιωμάτων τῶν πολιτῶν, τῆς ὀργανώσεως τῆς Δικαιοσύνης, τῆς Τοπικῆς Αὐτοδιοικήσεως καί τοῦ θεσμοῦ τοῦ Ἀρχηγοῦ τοῦ Κράτους.

ΑΘΗΝΑΙ, 25.— Δέν εἶναι μόνον οἱ ἁπλοῖ πολῖται οἱ ὁποῖοι ἀποστέλλουν τάς ἀπόψεις των διά τό νέον Σύνταγμα. Ἐπιστῆμονες, νομικοί καί ἐκπρόσωποι ὀργανώσεων διατυπώνουν σοβαράς ἀπόψεις καί ὑποδεικνύουν τροποποιήσεις. Ἡ ἐπιτροπή τῆς συντάξεως τοῦ Συντάγματος ἐξετάζει τάς ἀπαντήσεις αἱ ὁποῖαι ἀποστέλλονται καθημερινῶς.

Ἐπί τῶν ἀπαντήσεων περιλαμβάνονται ἀπόψεις ἐπί τῶν δικαιωμάτων τῶν πολιτῶν, τῆς ὀργανώσεως τῆς Δικαιοσύνης, τῆς Τοπικῆς Αὐτοδιοικήσεως καί τοῦ θεσμοῦ τοῦ Ἀρχηγοῦ τοῦ Κράτους.

ΑΘΗΝΑΙ, 25.— Δέν εἶναι μόνον οἱ ἁπλοῖ πολῖται οἱ ὁποῖοι ἀποστέλλουν τάς ἀπόψεις των διά τό νέον Σύνταγμα. Ἐπιστῆμονες, νομικοί καί ἐκπρόσωποι ὀργανώσεων διατυπώνουν σοβαράς ἀπόψεις καί ὑποδεικνύουν τροποποιήσεις. Ἡ ἐπιτροπή τῆς συντάξεως τοῦ Συντάγματος ἐξετάζει τάς ἀπαντήσεις αἱ ὁποῖαι ἀποστέλλονται καθημερινῶς.

Ἐπί τῶν ἀπαντήσεων περιλαμβάνονται ἀπόψεις ἐπί τῶν δικαιωμάτων τῶν πολιτῶν, τῆς ὀργανώσεως τῆς Δικαιοσύνης, τῆς Τοπικῆς Αὐτοδιοικήσεως καί τοῦ θεσμοῦ τοῦ Ἀρχηγοῦ τοῦ Κράτους.

ΑΘΗΝΑΙ, 25.— Δέν εἶναι μόνον οἱ ἁπλοῖ πολῖται οἱ ὁποῖοι ἀποστέλλουν τάς ἀπόψεις των διά τό νέον Σύνταγμα. Ἐπιστῆμονες, νομικοί καί ἐκπρόσωποι ὀργανώσεων διατυπώνουν σοβαράς ἀπόψεις καί ὑποδεικνύουν τροποποιήσεις. Ἡ ἐπιτροπή τῆς συντάξεως τοῦ Συντάγματος ἐξετάζει τάς ἀπαντήσεις αἱ ὁποῖαι ἀποστέλλονται καθημερινῶς.

Ἐπί τῶν ἀπαντήσεων περιλαμβάνονται ἀπόψεις ἐπί τῶν δικαιωμάτων τῶν πολιτῶν, τῆς ὀργανώσεως τῆς Δικαιοσύνης, τῆς Τοπικῆς Αὐτοδιοικήσεως καί τοῦ θεσμοῦ τοῦ Ἀρχηγοῦ τοῦ Κράτους.

Δ ΔΕΝ εἶναι καθόλου συμπτωματικό καί καθόλου περίεργο τό γεγονός ὅτι ἀμέσως μετά τήν ἐκδηλωθεῖσαν κρίσιν εἰς Πράγαν, ἡ Γιουγκοσλαβία ὑποστηρίζει σθεναρῶς τάς νέας τάσεις. Ἀπό τήν ῥῆξιν Στάλιν - Τίτο ἔχουν παρέλθει εἴκοσι χρόνια καί τό γιουγκοσλαβικόν κίνημα ἔχει πλέον γενικευθῆ εἰς τόν χῶρον τῆς Ἀνατολικῆς Εὐρώπης.

ΔΕΝ εἶναι καθόλου συμπτωματικό καί καθόλου περίεργο τό γεγονός ὅτι ἀμέσως μετά τήν ἐκδηλωθεῖσαν κρίσιν εἰς Πράγαν, ἡ Γιουγκοσλαβία ὑποστηρίζει σθεναρῶς τάς νέας τάσεις. Ἀπό τήν ῥῆξιν Στάλιν - Τίτο ἔχουν παρέλθει εἴκοσι χρόνια καί τό γιουγκοσλαβικόν κίνημα ἔχει πλέον γενικευθῆ εἰς τόν χῶρον τῆς Ἀνατολικῆς Εὐρώπης.

ΔΕΝ εἶναι καθόλου συμπτωματικό καί καθόλου περίεργο τό γεγονός ὅτι ἀμέσως μετά τήν ἐκδηλωθεῖσαν κρίσιν εἰς Πράγαν, ἡ Γιουγκοσλαβία ὑποστηρίζει σθεναρῶς τάς νέας τάσεις. Ἀπό τήν ῥῆξιν Στάλιν - Τίτο ἔχουν παρέλθει εἴκοσι χρόνια καί τό γιουγκοσλαβικόν κίνημα ἔχει πλέον γενικευθῆ εἰς τόν χῶρον τῆς Ἀνατολικῆς Εὐρώπης.

ΔΕΝ εἶναι καθόλου συμπτωματικό καί καθόλου περίεργο τό γεγονός ὅτι ἀμέσως μετά τήν ἐκδηλωθεῖσαν κρίσιν εἰς Πράγαν, ἡ Γιουγκοσλαβία ὑποστηρίζει σθεναρῶς τάς νέας τάσεις. Ἀπό τήν ῥῆξιν Στάλιν - Τίτο ἔχουν παρέλθει εἴκοσι χρόνια καί τό γιουγκοσλαβικόν κίνημα ἔχει πλέον γενικευθῆ εἰς τόν χῶρον τῆς Ἀνατολικῆς Εὐρώπης.

ΔΕΝ εἶναι καθόλου συμπτωματικό καί καθόλου περίεργο τό γεγονός ὅτι ἀμέσως μετά τήν ἐκδηλωθεῖσαν κρίσιν εἰς Πράγαν, ἡ Γιουγκοσλαβία ὑποστηρίζει σθεναρῶς τάς νέας τάσεις. Ἀπό τήν ῥῆξιν Στάλιν - Τίτο ἔχουν παρέλθει εἴκοσι χρόνια καί τό γιουγκοσλαβικόν κίνημα ἔχει πλέον γενικευθῆ εἰς τόν χῶρον τῆς Ἀνατολικῆς Εὐρώπης.

Ἡ ἀνατομία μιᾶς ἐξελίξεως
Τ ΤΑ ΓΕΓΟΝΟΤΑ τῆς Ἀνατολικῆς Εὐρώπης ἐκτυλίσσονται μέ ταχύτητα. Ἡ Ρουμανία καί ἡ Τσεχοσλοβακία ἀκολουθοῦν ἀνεξάρτητον πολιτικήν, ἡ ὁποία θυμίζει τήν πορείαν τῆς Γιουγκοσλαβίας μετά τό 1948.

ΤΑ ΓΕΓΟΝΟΤΑ τῆς Ἀνατολικῆς Εὐρώπης ἐκτυλίσσονται μέ ταχύτητα. Ἡ Ρουμανία καί ἡ Τσεχοσλοβακία ἀκολουθοῦν ἀνεξάρτητον πολιτικήν, ἡ ὁποία θυμίζει τήν πορείαν τῆς Γιουγκοσλαβίας μετά τό 1948.

ΤΑ ΓΕΓΟΝΟΤΑ τῆς Ἀνατολικῆς Εὐρώπης ἐκτυλίσσονται μέ ταχύτητα. Ἡ Ρουμανία καί ἡ Τσεχοσλοβακία ἀκολουθοῦν ἀνεξάρτητον πολιτικήν, ἡ ὁποία θυμίζει τήν πορείαν τῆς Γιουγκοσλαβίας μετά τό 1948.

ΕΙΚΟΣΙ ΧΡΟΝΙΑ ΜΕΤΑ ΤΗΝ ΡΗΞΙΝ ΣΤΑΛΙΝ - ΤΙΤΟ
Γενικεύεται τό γιουγκοσλαβικόν κίνημα εἰς τόν χῶρον τῆς Ἀνατολικῆς Εὐρώπης
ΟΙ ΡΟΥΜΑΝΟΙ ΚΑΙ ΟΙ ΤΣΕΧΟΙ ΤΟ ΥΙΟΘΕΤΟΥΝ ΣΤΑΘΕΡΩΣ - ΑΙ ΣΥΝΟΜΙΛΙΑΙ ΤΩΝ ΥΠΟΥΡΓΩΝ ΕΞΩΤΕΡΙΚΩΝ ΓΙΟΥΓΚΟΣΛΑΒΙΑΣ - ΤΣΕΧΟΣΛΟΒΑΚΙΑΣ
Ἡ Μόσχα θά ἀπαρνηθῆ τήν συληράν γραμμήν

«Γιαλλική πολυκεφάλη». Ἡ γραμμή ἐκφράζει τήν ἀνάγκην τῶν χωρῶν τοῦ σοσιαλιστικοῦ στρατοπέδου νά ἀναζητήσουν ἰδίας ὁδούς πρός τόν σοσιαλισμόν, ἀνεξαρτήτως τῶν ὑποδείξεων τῆς Μόσχας. Ἡ Γιουγκοσλαβία ὑπῆρξεν ἡ πρώτη χώρα ἡ ὁποία ἀπέρριψε τήν κηδεμονίαν τοῦ Κρεμλίνου.

«Γιαλλική πολυκεφάλη». Ἡ γραμμή ἐκφράζει τήν ἀνάγκην τῶν χωρῶν τοῦ σοσιαλιστικοῦ στρατοπέδου νά ἀναζητήσουν ἰδίας ὁδούς πρός τόν σοσιαλισμόν, ἀνεξαρτήτως τῶν ὑποδείξεων τῆς Μόσχας. Ἡ Γιουγκοσλαβία ὑπῆρξεν ἡ πρώτη χώρα ἡ ὁποία ἀπέρριψε τήν κηδεμονίαν τοῦ Κρεμλίνου.

«Γιαλλική πολυκεφάλη». Ἡ γραμμή ἐκφράζει τήν ἀνάγκην τῶν χωρῶν τοῦ σοσιαλιστικοῦ στρατοπέδου νά ἀναζητήσουν ἰδίας ὁδούς πρός τόν σοσιαλισμόν, ἀνεξαρτήτως τῶν ὑποδείξεων τῆς Μόσχας. Ἡ Γιουγκοσλαβία ὑπῆρξεν ἡ πρώτη χώρα ἡ ὁποία ἀπέρριψε τήν κηδεμονίαν τοῦ Κρεμλίνου.

«Γιαλλική πολυκεφάλη». Ἡ γραμμή ἐκφράζει τήν ἀνάγκην τῶν χωρῶν τοῦ σοσιαλιστικοῦ στρατοπέδου νά ἀναζητήσουν ἰδίας ὁδούς πρός τόν σοσιαλισμόν, ἀνεξαρτήτως τῶν ὑποδείξεων τῆς Μόσχας. Ἡ Γιουγκοσλαβία ὑπῆρξεν ἡ πρώτη χώρα ἡ ὁποία ἀπέρριψε τήν κηδεμονίαν τοῦ Κρεμλίνου.

Σωστή πορεία συλλογισμῶν

Η ΠΟΡΕΙΑ τῶν συλλογισμῶν εἶναι πραγματικά σωστή. Πρῶτα ἐξασφαλίζεται ἡ ἐθνική ἀνεξαρτησία καί κατόπιν ἐπιδιώκεται ἡ ἐσωτερική φιλελευθεροποίησις. Τά κόμματα τῶν χωρῶν αὐτῶν ἀποδεικνύουν ὅτι δύνανται νά ἀκολουθήσουν ἰδίαν πορείαν.

Η ΠΟΡΕΙΑ τῶν συλλογισμῶν εἶναι πραγματικά σωστή. Πρῶτα ἐξασφαλίζεται ἡ ἐθνική ἀνεξαρτησία καί κατόπιν ἐπιδιώκεται ἡ ἐσωτερική φιλελευθεροποίησις. Τά κόμματα τῶν χωρῶν αὐτῶν ἀποδεικνύουν ὅτι δύνανται νά ἀκολουθήσουν ἰδίαν πορείαν.

Η ΠΟΡΕΙΑ τῶν συλλογισμῶν εἶναι πραγματικά σωστή. Πρῶτα ἐξασφαλίζεται ἡ ἐθνική ἀνεξαρτησία καί κατόπιν ἐπιδιώκεται ἡ ἐσωτερική φιλελευθεροποίησις. Τά κόμματα τῶν χωρῶν αὐτῶν ἀποδεικνύουν ὅτι δύνανται νά ἀκολουθήσουν ἰδίαν πορείαν.

Η ΠΟΡΕΙΑ τῶν συλλογισμῶν εἶναι πραγματικά σωστή. Πρῶτα ἐξασφαλίζεται ἡ ἐθνική ἀνεξαρτησία καί κατόπιν ἐπιδιώκεται ἡ ἐσωτερική φιλελευθεροποίησις. Τά κόμματα τῶν χωρῶν αὐτῶν ἀποδεικνύουν ὅτι δύνανται νά ἀκολουθήσουν ἰδίαν πορείαν.

Η ΠΟΡΕΙΑ τῶν συλλογισμῶν εἶναι πραγματικά σωστή. Πρῶτα ἐξασφαλίζεται ἡ ἐθνική ἀνεξαρτησία καί κατόπιν ἐπιδιώκεται ἡ ἐσωτερική φιλελευθεροποίησις. Τά κόμματα τῶν χωρῶν αὐτῶν ἀποδεικνύουν ὅτι δύνανται νά ἀκολουθήσουν ἰδίαν πορείαν.

Η ΠΟΡΕΙΑ τῶν συλλογισμῶν εἶναι πραγματικά σωστή. Πρῶτα ἐξασφαλίζεται ἡ ἐθνική ἀνεξαρτησία καί κατόπιν ἐπιδιώκεται ἡ ἐσωτερική φιλελευθεροποίησις. Τά κόμματα τῶν χωρῶν αὐτῶν ἀποδεικνύουν ὅτι δύνανται νά ἀκολουθήσουν ἰδίαν πορείαν.

καί ἐπί τῶν ἀπαιτήσεων τοῦ λαοῦ. Ἡ ἀνάγκη τῆς ἐνότητος τῶν σοσιαλιστικῶν χωρῶν δέν σημαίνει ὑποταγήν εἰς μίαν καί μόνην ἡγεμονίαν. Ἡ Πράγα καί τό Βουκουρέστι ἀκολουθοῦν πλέον τό γιουγκοσλαβικόν παράδειγμα.

καί ἐπί τῶν ἀπαιτήσεων τοῦ λαοῦ. Ἡ ἀνάγκη τῆς ἐνότητος τῶν σοσιαλιστικῶν χωρῶν δέν σημαίνει ὑποταγήν εἰς μίαν καί μόνην ἡγεμονίαν. Ἡ Πράγα καί τό Βουκουρέστι ἀκολουθοῦν πλέον τό γιουγκοσλαβικόν παράδειγμα.

καί ἐπί τῶν ἀπαιτήσεων τοῦ λαοῦ. Ἡ ἀνάγκη τῆς ἐνότητος τῶν σοσιαλιστικῶν χωρῶν δέν σημαίνει ὑποταγήν εἰς μίαν καί μόνην ἡγεμονίαν. Ἡ Πράγα καί τό Βουκουρέστι ἀκολουθοῦν πλέον τό γιουγκοσλαβικόν παράδειγμα.

Δέν πρόκειται νά χάσουν χρόνο
Τ ΤΟ ΚΡΕΜΛΙΝΟΝ θά ἀναγκασθῆ νά ἀναθεωρήσῃ τήν πολιτικήν του ἔναντι τῶν χωρῶν τῆς Ἀνατολικῆς Εὐρώπης. Οἱ Ρουμάνοι καί οἱ Τσέχοι δέν πρόκειται νά χάσουν χρόνον. Ἡ ἐξέλιξις αὐτή θά ἔχῃ σοβαράς συνεπείας διά τήν συνοχήν τοῦ συνασπισμοῦ.

ΤΟ ΚΡΕΜΛΙΝΟΝ θά ἀναγκασθῆ νά ἀναθεωρήσῃ τήν πολιτικήν του ἔναντι τῶν χωρῶν τῆς Ἀνατολικῆς Εὐρώπης. Οἱ Ρουμάνοι καί οἱ Τσέχοι δέν πρόκειται νά χάσουν χρόνον. Ἡ ἐξέλιξις αὐτή θά ἔχῃ σοβαράς συνεπείας διά τήν συνοχήν τοῦ συνασπισμοῦ.

ΤΟ ΚΡΕΜΛΙΝΟΝ θά ἀναγκασθῆ νά ἀναθεωρήσῃ τήν πολιτικήν του ἔναντι τῶν χωρῶν τῆς Ἀνατολικῆς Εὐρώπης. Οἱ Ρουμάνοι καί οἱ Τσέχοι δέν πρόκειται νά χάσουν χρόνον. Ἡ ἐξέλιξις αὐτή θά ἔχῃ σοβαράς συνεπείας διά τήν συνοχήν τοῦ συνασπισμοῦ.

ΤΟ ΚΡΕΜΛΙΝΟΝ θά ἀναγκασθῆ νά ἀναθεωρήσῃ τήν πολιτικήν του ἔναντι τῶν χωρῶν τῆς Ἀνατολικῆς Εὐρώπης. Οἱ Ρουμάνοι καί οἱ Τσέχοι δέν πρόκειται νά χάσουν χρόνον. Ἡ ἐξέλιξις αὐτή θά ἔχῃ σοβαράς συνεπείας διά τήν συνοχήν τοῦ συνασπισμοῦ.

ΤΟ ΚΡΕΜΛΙΝΟΝ θά ἀναγκασθῆ νά ἀναθεωρήσῃ τήν πολιτικήν του ἔναντι τῶν χωρῶν τῆς Ἀνατολικῆς Εὐρώπης. Οἱ Ρουμάνοι καί οἱ Τσέχοι δέν πρόκειται νά χάσουν χρόνον. Ἡ ἐξέλιξις αὐτή θά ἔχῃ σοβαράς συνεπείας διά τήν συνοχήν τοῦ συνασπισμοῦ.

ΤΟ ΚΡΕΜΛΙΝΟΝ θά ἀναγκασθῆ νά ἀναθεωρήσῃ τήν πολιτικήν του ἔναντι τῶν χωρῶν τῆς Ἀνατολικῆς Εὐρώπης. Οἱ Ρουμάνοι καί οἱ Τσέχοι δέν πρόκειται νά χάσουν χρόνον. Ἡ ἐξέλιξις αὐτή θά ἔχῃ σοβαράς συνεπείας διά τήν συνοχήν τοῦ συνασπισμοῦ.

Γ. ΝΟΤΙΟΣ
